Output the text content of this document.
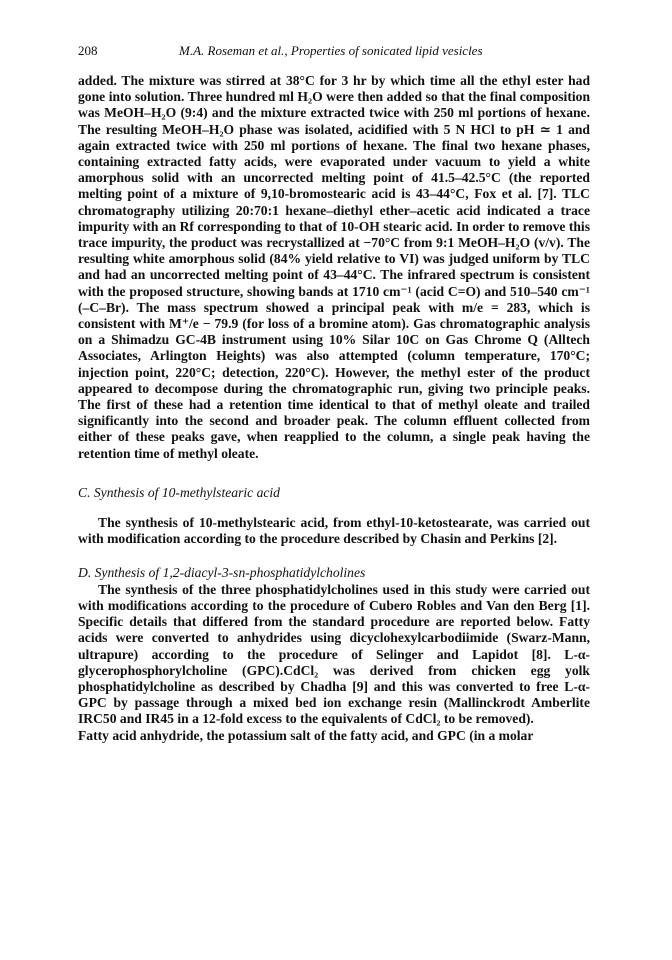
208	M.A. Roseman et al., Properties of sonicated lipid vesicles

added. The mixture was stirred at 38°C for 3 hr by which time all the ethyl ester had gone into solution. Three hundred ml H₂O were then added so that the final composition was MeOH–H₂O (9:4) and the mixture extracted twice with 250 ml portions of hexane. The resulting MeOH–H₂O phase was isolated, acidified with 5 N HCl to pH ≃ 1 and again extracted twice with 250 ml portions of hexane. The final two hexane phases, containing extracted fatty acids, were evaporated under vacuum to yield a white amorphous solid with an uncorrected melting point of 41.5–42.5°C (the reported melting point of a mixture of 9,10-bromostearic acid is 43–44°C, Fox et al. [7]. TLC chromatography utilizing 20:70:1 hexane–diethyl ether–acetic acid indicated a trace impurity with an Rf corresponding to that of 10-OH stearic acid. In order to remove this trace impurity, the product was recrystallized at −70°C from 9:1 MeOH–H₂O (v/v). The resulting white amorphous solid (84% yield relative to VI) was judged uniform by TLC and had an uncorrected melting point of 43–44°C. The infrared spectrum is consistent with the proposed structure, showing bands at 1710 cm⁻¹ (acid C=O) and 510–540 cm⁻¹ (–C–Br). The mass spectrum showed a principal peak with m/e = 283, which is consistent with M⁺/e − 79.9 (for loss of a bromine atom). Gas chromatographic analysis on a Shimadzu GC-4B instrument using 10% Silar 10C on Gas Chrome Q (Alltech Associates, Arlington Heights) was also attempted (column temperature, 170°C; injection point, 220°C; detection, 220°C). However, the methyl ester of the product appeared to decompose during the chromatographic run, giving two principle peaks. The first of these had a retention time identical to that of methyl oleate and trailed significantly into the second and broader peak. The column effluent collected from either of these peaks gave, when reapplied to the column, a single peak having the retention time of methyl oleate.

C. Synthesis of 10-methylstearic acid

The synthesis of 10-methylstearic acid, from ethyl-10-ketostearate, was carried out with modification according to the procedure described by Chasin and Perkins [2].

D. Synthesis of 1,2-diacyl-3-sn-phosphatidylcholines

The synthesis of the three phosphatidylcholines used in this study were carried out with modifications according to the procedure of Cubero Robles and Van den Berg [1]. Specific details that differed from the standard procedure are reported below. Fatty acids were converted to anhydrides using dicyclohexylcarbodiimide (Swarz-Mann, ultrapure) according to the procedure of Selinger and Lapidot [8]. L-α-glycerophosphorylcholine (GPC).CdCl₂ was derived from chicken egg yolk phosphatidylcholine as described by Chadha [9] and this was converted to free L-α-GPC by passage through a mixed bed ion exchange resin (Mallinckrodt Amberlite IRC50 and IR45 in a 12-fold excess to the equivalents of CdCl₂ to be removed).

Fatty acid anhydride, the potassium salt of the fatty acid, and GPC (in a molar
